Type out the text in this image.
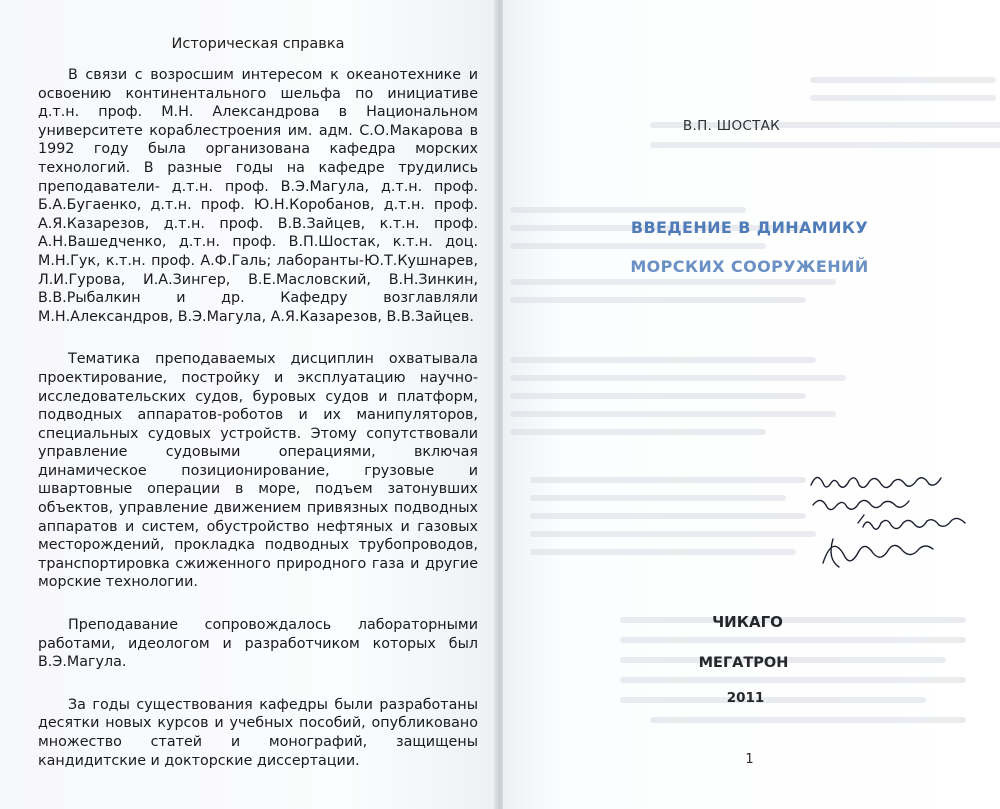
Историческая справка

В связи с возросшим интересом к океанотехнике и освоению континентального шельфа по инициативе д.т.н. проф. М.Н. Александрова в Национальном университете кораблестроения им. адм. С.О.Макарова в 1992 году была организована кафедра морских технологий. В разные годы на кафедре трудились преподаватели- д.т.н. проф. В.Э.Магула, д.т.н. проф. Б.А.Бугаенко, д.т.н. проф. Ю.Н.Коробанов, д.т.н. проф. А.Я.Казарезов, д.т.н. проф. В.В.Зайцев, к.т.н. проф. А.Н.Вашедченко, д.т.н. проф. В.П.Шостак, к.т.н. доц. М.Н.Гук, к.т.н. проф. А.Ф.Галь; лаборанты-Ю.Т.Кушнарев, Л.И.Гурова, И.А.Зингер, В.Е.Масловский, В.Н.Зинкин, В.В.Рыбалкин и др. Кафедру возглавляли М.Н.Александров, В.Э.Магула, А.Я.Казарезов, В.В.Зайцев.

Тематика преподаваемых дисциплин охватывала проектирование, постройку и эксплуатацию научно-исследовательских судов, буровых судов и платформ, подводных аппаратов-роботов и их манипуляторов, специальных судовых устройств. Этому сопутствовали управление судовыми операциями, включая динамическое позиционирование, грузовые и швартовные операции в море, подъем затонувших объектов, управление движением привязных подводных аппаратов и систем, обустройство нефтяных и газовых месторождений, прокладка подводных трубопроводов, транспортировка сжиженного природного газа и другие морские технологии.

Преподавание сопровождалось лабораторными работами, идеологом и разработчиком которых был В.Э.Магула.

За годы существования кафедры были разработаны десятки новых курсов и учебных пособий, опубликовано множество статей и монографий, защищены кандидитские и докторские диссертации.

В.П. ШОСТАК

ВВЕДЕНИЕ В ДИНАМИКУ

МОРСКИХ СООРУЖЕНИЙ

ЧИКАГО

МЕГАТРОН

2011

1
